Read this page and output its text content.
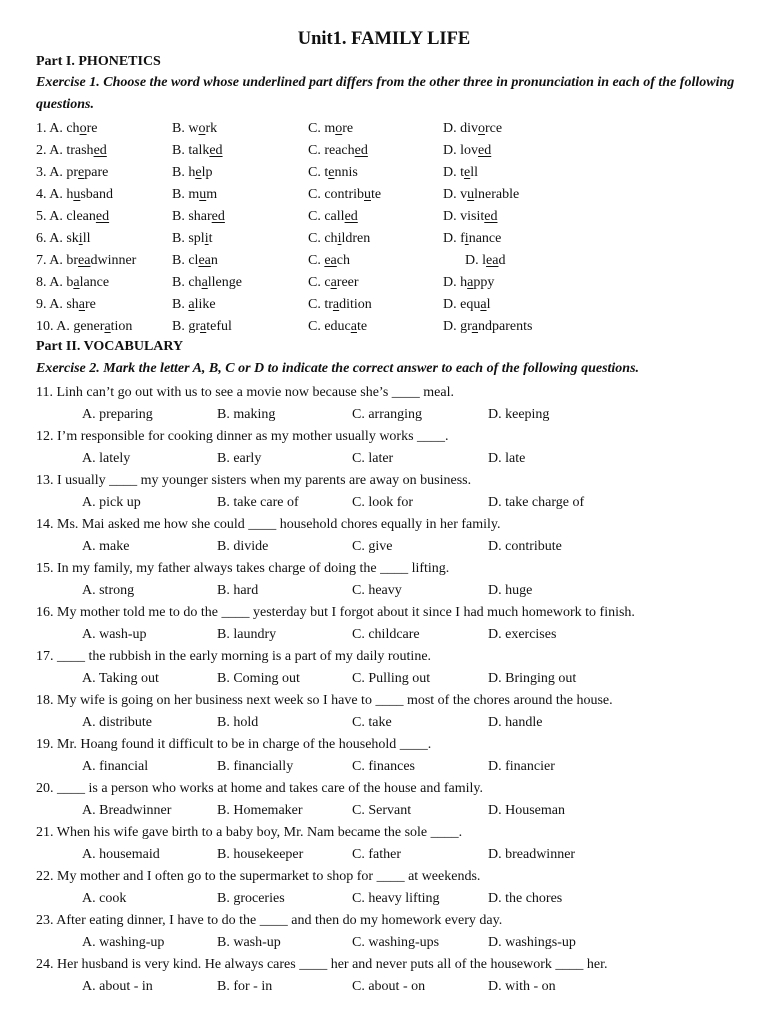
Unit1. FAMILY LIFE
Part I. PHONETICS
Exercise 1. Choose the word whose underlined part differs from the other three in pronunciation in each of the following questions.
1. A. chore	B. work	C. more	D. divorce
2. A. trashed	B. talked	C. reached	D. loved
3. A. prepare	B. help	C. tennis	D. tell
4. A. husband	B. mum	C. contribute	D. vulnerable
5. A. cleaned	B. shared	C. called	D. visited
6. A. skill	B. split	C. children	D. finance
7. A. breadwinner	B. clean	C. each	D. lead
8. A. balance	B. challenge	C. career	D. happy
9. A. share	B. alike	C. tradition	D. equal
10. A. generation	B. grateful	C. educate	D. grandparents
Part II. VOCABULARY
Exercise 2. Mark the letter A, B, C or D to indicate the correct answer to each of the following questions.
11. Linh can’t go out with us to see a movie now because she’s ____ meal.
A. preparing	B. making	C. arranging	D. keeping
12. I’m responsible for cooking dinner as my mother usually works ____.
A. lately	B. early	C. later	D. late
13. I usually ____ my younger sisters when my parents are away on business.
A. pick up	B. take care of	C. look for	D. take charge of
14. Ms. Mai asked me how she could ____ household chores equally in her family.
A. make	B. divide	C. give	D. contribute
15. In my family, my father always takes charge of doing the ____ lifting.
A. strong	B. hard	C. heavy	D. huge
16. My mother told me to do the ____ yesterday but I forgot about it since I had much homework to finish.
A. wash-up	B. laundry	C. childcare	D. exercises
17. ____ the rubbish in the early morning is a part of my daily routine.
A. Taking out	B. Coming out	C. Pulling out	D. Bringing out
18. My wife is going on her business next week so I have to ____ most of the chores around the house.
A. distribute	B. hold	C. take	D. handle
19. Mr. Hoang found it difficult to be in charge of the household ____.
A. financial	B. financially	C. finances	D. financier
20. ____ is a person who works at home and takes care of the house and family.
A. Breadwinner	B. Homemaker	C. Servant	D. Houseman
21. When his wife gave birth to a baby boy, Mr. Nam became the sole ____.
A. housemaid	B. housekeeper	C. father	D. breadwinner
22. My mother and I often go to the supermarket to shop for ____ at weekends.
A. cook	B. groceries	C. heavy lifting	D. the chores
23. After eating dinner, I have to do the ____ and then do my homework every day.
A. washing-up	B. wash-up	C. washing-ups	D. washings-up
24. Her husband is very kind. He always cares ____ her and never puts all of the housework ____ her.
A. about - in	B. for - in	C. about - on	D. with - on
